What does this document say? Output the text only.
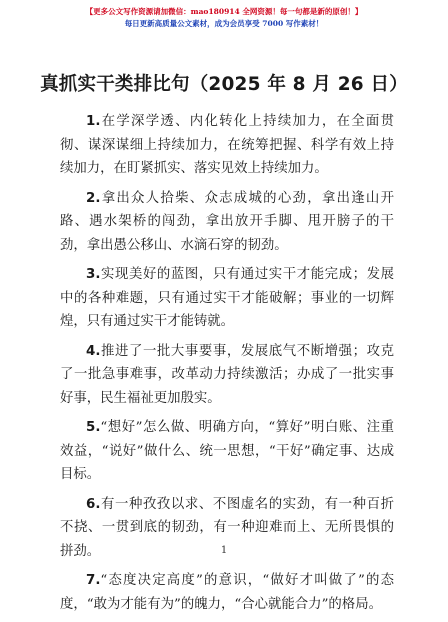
【更多公文写作资源请加微信：mao180914 全网资源！每一句都是新的原创！】
每日更新高质量公文素材，成为会员享受 7000 写作素材！
真抓实干类排比句（2025 年 8 月 26 日）

1.在学深学透、内化转化上持续加力，在全面贯彻、谋深谋细上持续加力，在统筹把握、科学有效上持续加力，在盯紧抓实、落实见效上持续加力。

2.拿出众人拾柴、众志成城的心劲，拿出逢山开路、遇水架桥的闯劲，拿出放开手脚、甩开膀子的干劲，拿出愚公移山、水滴石穿的韧劲。

3.实现美好的蓝图，只有通过实干才能完成；发展中的各种难题，只有通过实干才能破解；事业的一切辉煌，只有通过实干才能铸就。

4.推进了一批大事要事，发展底气不断增强；攻克了一批急事难事，改革动力持续激活；办成了一批实事好事，民生福祉更加殷实。

5.“想好”怎么做、明确方向，“算好”明白账、注重效益，“说好”做什么、统一思想，“干好”确定事、达成目标。

6.有一种孜孜以求、不图虚名的实劲，有一种百折不挠、一贯到底的韧劲，有一种迎难而上、无所畏惧的拼劲。

7.“态度决定高度”的意识，“做好才叫做了”的态度，“敢为才能有为”的魄力，“合心就能合力”的格局。

1
